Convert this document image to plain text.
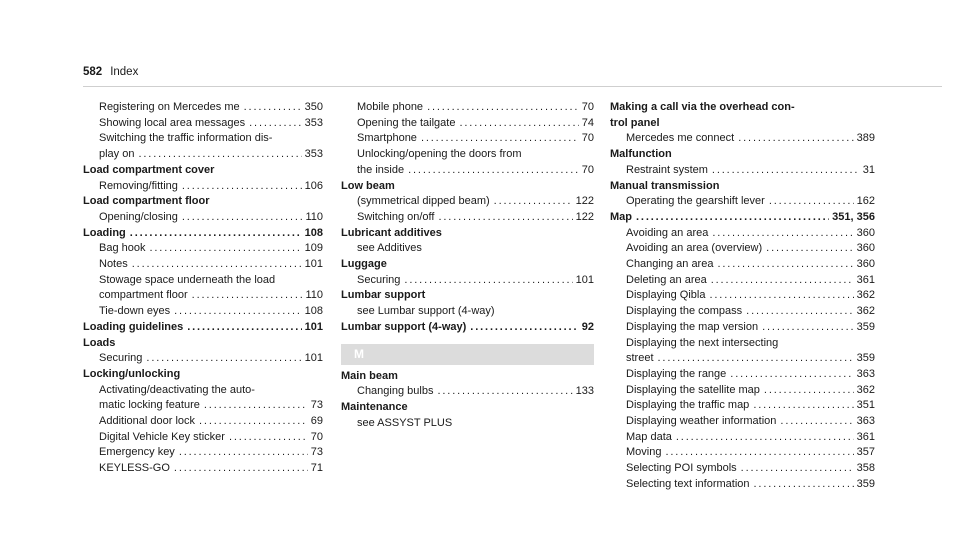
582 Index
Registering on Mercedes me . . .	350
Showing local area messages . . .	353
Switching the traffic information dis-
play on . . .	353
Load compartment cover
Removing/fitting . . .	106
Load compartment floor
Opening/closing . . .	110
Loading . . .	108
Bag hook . . .	109
Notes . . .	101
Stowage space underneath the load
compartment floor . . .	110
Tie-down eyes . . .	108
Loading guidelines . . .	101
Loads
Securing . . .	101
Locking/unlocking
Activating/deactivating the auto-
matic locking feature . . .	73
Additional door lock . . .	69
Digital Vehicle Key sticker . . .	70
Emergency key . . .	73
KEYLESS-GO . . .	71
Mobile phone . . .	70
Opening the tailgate . . .	74
Smartphone . . .	70
Unlocking/opening the doors from
the inside . . .	70
Low beam
(symmetrical dipped beam) . . .	122
Switching on/off . . .	122
Lubricant additives
see Additives
Luggage
Securing . . .	101
Lumbar support
see Lumbar support (4-way)
Lumbar support (4-way) . . .	92
M
Main beam
Changing bulbs . . .	133
Maintenance
see ASSYST PLUS
Making a call via the overhead con-
trol panel
Mercedes me connect . . .	389
Malfunction
Restraint system . . .	31
Manual transmission
Operating the gearshift lever . . .	162
Map . . .	351, 356
Avoiding an area . . .	360
Avoiding an area (overview) . . .	360
Changing an area . . .	360
Deleting an area . . .	361
Displaying Qibla . . .	362
Displaying the compass . . .	362
Displaying the map version . . .	359
Displaying the next intersecting
street . . .	359
Displaying the range . . .	363
Displaying the satellite map . . .	362
Displaying the traffic map . . .	351
Displaying weather information . . .	363
Map data . . .	361
Moving . . .	357
Selecting POI symbols . . .	358
Selecting text information . . .	359
